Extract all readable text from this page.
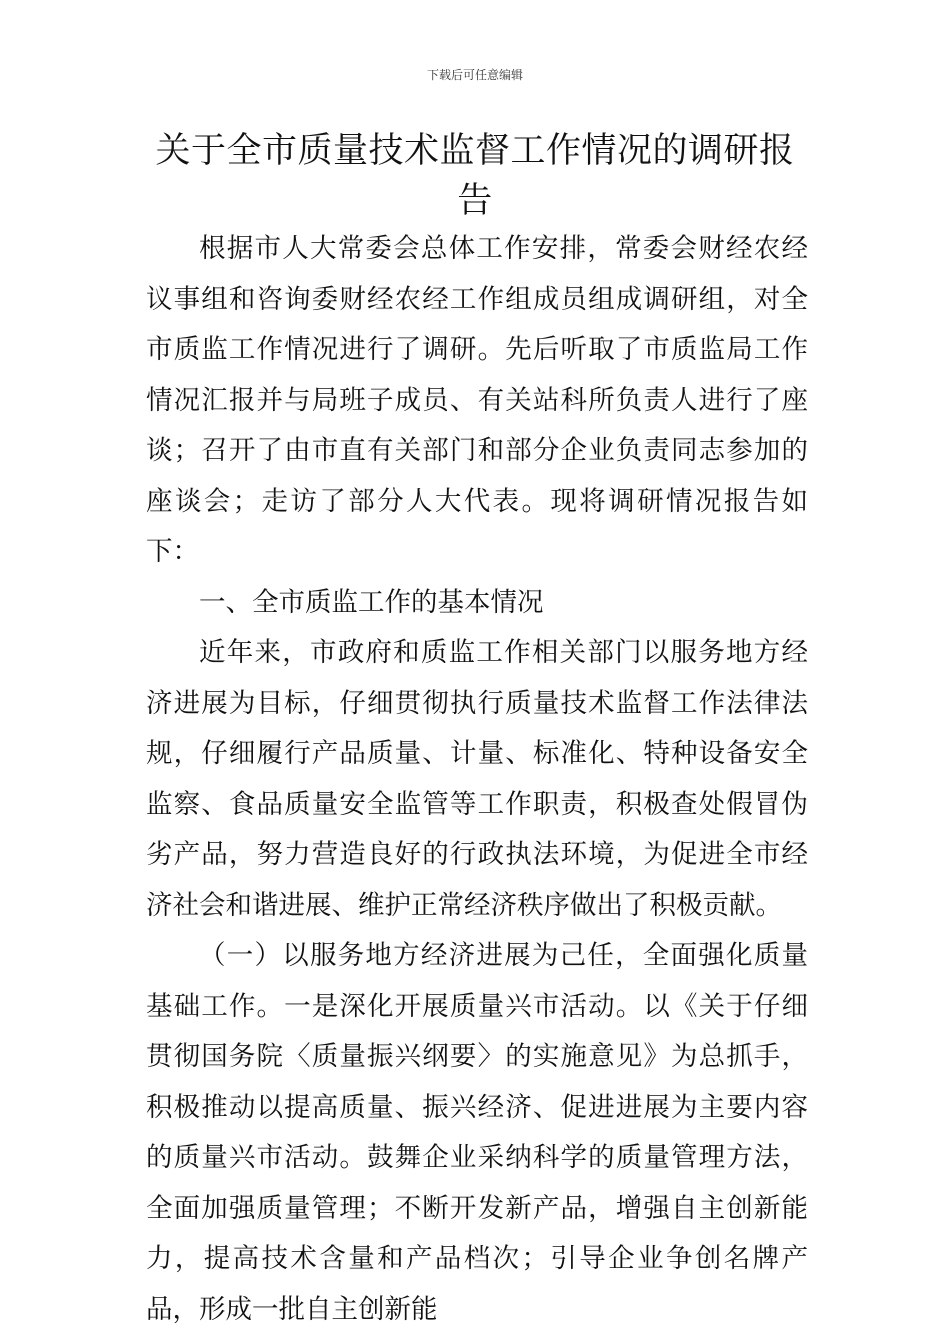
下载后可任意编辑
关于全市质量技术监督工作情况的调研报告

根据市人大常委会总体工作安排，常委会财经农经议事组和咨询委财经农经工作组成员组成调研组，对全市质监工作情况进行了调研。先后听取了市质监局工作情况汇报并与局班子成员、有关站科所负责人进行了座谈；召开了由市直有关部门和部分企业负责同志参加的座谈会；走访了部分人大代表。现将调研情况报告如下：

一、全市质监工作的基本情况

近年来，市政府和质监工作相关部门以服务地方经济进展为目标，仔细贯彻执行质量技术监督工作法律法规，仔细履行产品质量、计量、标准化、特种设备安全监察、食品质量安全监管等工作职责，积极查处假冒伪劣产品，努力营造良好的行政执法环境，为促进全市经济社会和谐进展、维护正常经济秩序做出了积极贡献。

（一）以服务地方经济进展为己任，全面强化质量基础工作。一是深化开展质量兴市活动。以《关于仔细贯彻国务院〈质量振兴纲要〉的实施意见》为总抓手，积极推动以提高质量、振兴经济、促进进展为主要内容的质量兴市活动。鼓舞企业采纳科学的质量管理方法，全面加强质量管理；不断开发新产品，增强自主创新能力，提高技术含量和产品档次；引导企业争创名牌产品，形成一批自主创新能
